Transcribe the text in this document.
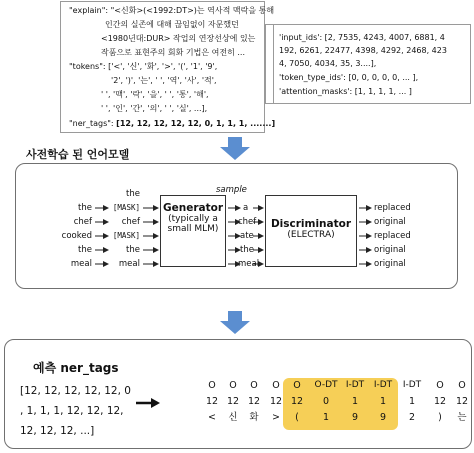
"explain": "<신화>(<1992:DT>)는 역사적 맥락을 통해
인간의 실존에 대해 끊임없이 자문했던
<1980년대:DUR> 작업의 연장선상에 있는
작품으로 표현주의 회화 기법은 여전히 ...
"tokens": ['<', '신', '화', '>', '(', '1', '9',
'2', ')', '는', ' ', '역', '사', '적',
' ', '맥', '락', '을', ' ', '통', '해',
' ', '인', '간', '의', ' ', '실', ...],
"ner_tags": [12, 12, 12, 12, 12, 0, 1, 1, 1, .......]
'input_ids': [2, 7535, 4243, 4007, 6881, 4
192, 6261, 22477, 4398, 4292, 2468, 423
4, 7050, 4034, 35, 3....],
'token_type_ids': [0, 0, 0, 0, 0, ... ],
'attention_masks': [1, 1, 1, 1, ... ]
사전학습 된 언어모델
the
chef
cooked
the
meal
the
[MASK]
chef
[MASK]
the
meal
Generator
(typically a
small MLM)
sample
a
chef
ate
the
meal
Discriminator
(ELECTRA)
replaced
original
replaced
original
original
예측 ner_tags
[12, 12, 12, 12, 12, 0
, 1, 1, 1, 12, 12, 12,
12, 12, 12, ...]
O
12
<
O
12
신
O
12
화
O
12
>
O
12
(
O-DT
0
1
I-DT
1
9
I-DT
1
9
I-DT
1
2
O
12
)
O
12
는
